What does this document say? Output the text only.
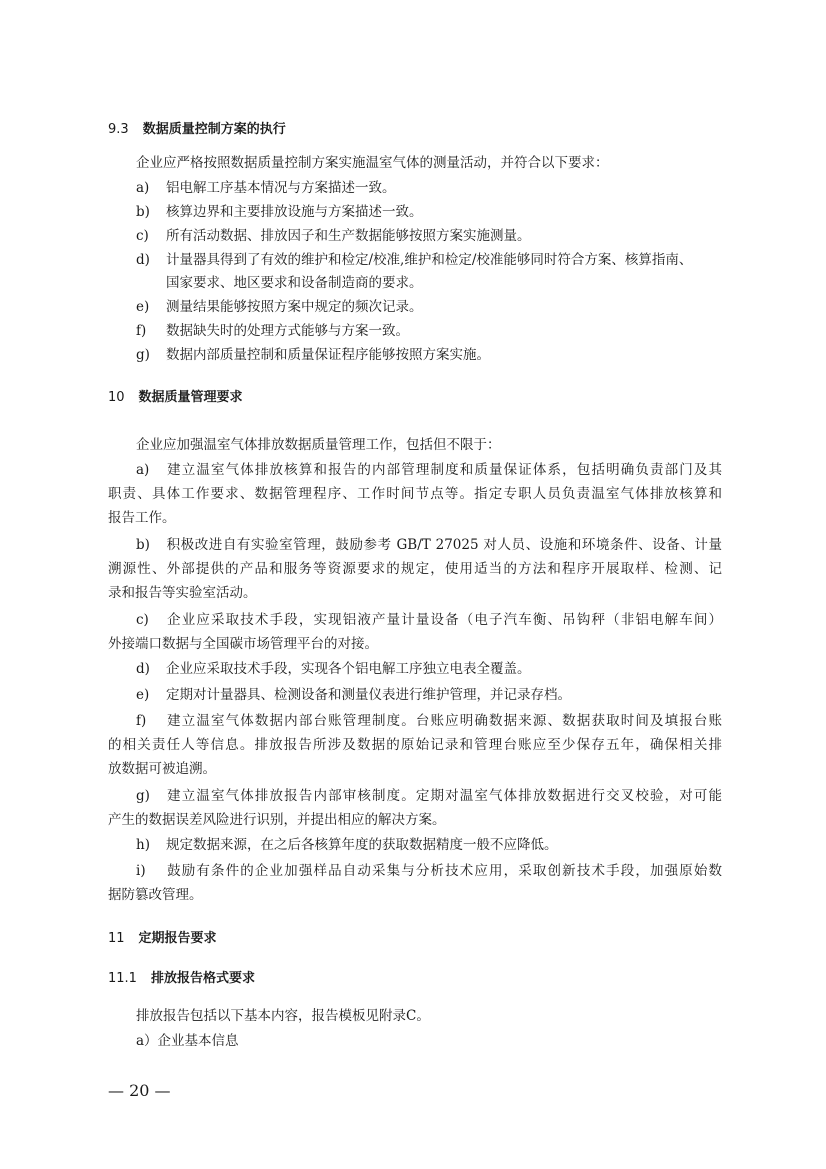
9.3 数据质量控制方案的执行
企业应严格按照数据质量控制方案实施温室气体的测量活动，并符合以下要求：
a) 铝电解工序基本情况与方案描述一致。
b) 核算边界和主要排放设施与方案描述一致。
c) 所有活动数据、排放因子和生产数据能够按照方案实施测量。
d) 计量器具得到了有效的维护和检定/校准,维护和检定/校准能够同时符合方案、核算指南、
国家要求、地区要求和设备制造商的要求。
e) 测量结果能够按照方案中规定的频次记录。
f) 数据缺失时的处理方式能够与方案一致。
g) 数据内部质量控制和质量保证程序能够按照方案实施。
10 数据质量管理要求
企业应加强温室气体排放数据质量管理工作，包括但不限于：
a) 建立温室气体排放核算和报告的内部管理制度和质量保证体系，包括明确负责部门及其
职责、具体工作要求、数据管理程序、工作时间节点等。指定专职人员负责温室气体排放核算和
报告工作。
b) 积极改进自有实验室管理，鼓励参考 GB/T 27025 对人员、设施和环境条件、设备、计量
溯源性、外部提供的产品和服务等资源要求的规定，使用适当的方法和程序开展取样、检测、记
录和报告等实验室活动。
c) 企业应采取技术手段，实现铝液产量计量设备（电子汽车衡、吊钩秤（非铝电解车间）
外接端口数据与全国碳市场管理平台的对接。
d) 企业应采取技术手段，实现各个铝电解工序独立电表全覆盖。
e) 定期对计量器具、检测设备和测量仪表进行维护管理，并记录存档。
f) 建立温室气体数据内部台账管理制度。台账应明确数据来源、数据获取时间及填报台账
的相关责任人等信息。排放报告所涉及数据的原始记录和管理台账应至少保存五年，确保相关排
放数据可被追溯。
g) 建立温室气体排放报告内部审核制度。定期对温室气体排放数据进行交叉校验，对可能
产生的数据误差风险进行识别，并提出相应的解决方案。
h) 规定数据来源，在之后各核算年度的获取数据精度一般不应降低。
i) 鼓励有条件的企业加强样品自动采集与分析技术应用，采取创新技术手段，加强原始数
据防篡改管理。
11 定期报告要求
11.1 排放报告格式要求
排放报告包括以下基本内容，报告模板见附录C。
a）企业基本信息
— 20 —
